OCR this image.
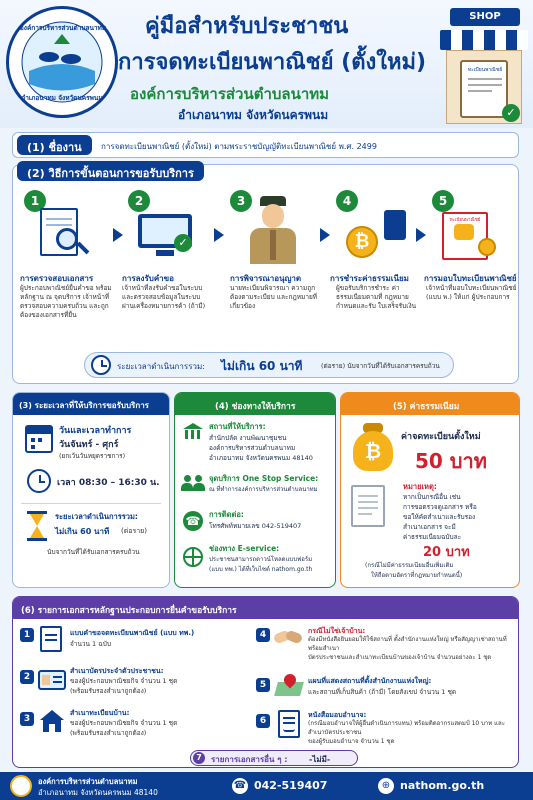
องค์การบริหารส่วนตำบลนาทม
อำเภอนาทม จังหวัดนครพนม
คู่มือสำหรับประชาชน
การจดทะเบียนพาณิชย์ (ตั้งใหม่)
องค์การบริหารส่วนตำบลนาทม
อำเภอนาทม จังหวัดนครพนม
SHOP
ทะเบียนพาณิชย์
✓
(1) ชื่องาน	การจดทะเบียนพาณิชย์ (ตั้งใหม่) ตามพระราชบัญญัติทะเบียนพาณิชย์ พ.ศ. 2499
(2) วิธีการขั้นตอนการขอรับบริการ
1
การตรวจสอบเอกสาร
ผู้ประกอบพาณิชย์ยื่นคำขอ พร้อมหลักฐาน ณ จุดบริการ เจ้าหน้าที่ตรวจสอบความครบถ้วน และถูกต้องของเอกสารที่ยื่น
2
✓
การลงรับคำขอ
เจ้าหน้าที่ลงรับคำขอในระบบ และตรวจสอบข้อมูลในระบบ ผ่านเครื่องหมายการค้า (ถ้ามี)
3
การพิจารณาอนุญาต
นายทะเบียนพิจารณา ความถูกต้องตามระเบียบ และกฎหมายที่เกี่ยวข้อง
4
₿
การชำระค่าธรรมเนียม
ผู้ขอรับบริการชำระ ค่าธรรมเนียมตามที่ กฎหมายกำหนดและรับ ใบเสร็จรับเงิน
5
ทะเบียนพาณิชย์
การมอบใบทะเบียนพาณิชย์
เจ้าหน้าที่มอบใบทะเบียนพาณิชย์ (แบบ พ.) ให้แก่ ผู้ประกอบการ
ระยะเวลาดำเนินการรวม: ไม่เกิน 60 นาที	(ต่อราย) นับจากวันที่ได้รับเอกสารครบถ้วน
(3) ระยะเวลาที่ให้บริการขอรับบริการ
วันและเวลาทำการ
วันจันทร์ - ศุกร์
(ยกเว้นวันหยุดราชการ)
เวลา 08:30 – 16:30 น.
ระยะเวลาดำเนินการรวม:
ไม่เกิน 60 นาที (ต่อราย)
นับจากวันที่ได้รับเอกสารครบถ้วน
(4) ช่องทางให้บริการ
สถานที่ให้บริการ:
สำนักปลัด งานพัฒนาชุมชน
องค์การบริหารส่วนตำบลนาทม
อำเภอนาทม จังหวัดนครพนม 48140
จุดบริการ One Stop Service:
ณ ที่ทำการองค์การบริหารส่วนตำบลนาทม
☎	การติดต่อ:
โทรศัพท์หมายเลข 042-519407
ช่องทาง E-service:
ประชาชนสามารถดาวน์โหลดแบบฟอร์ม
(แบบ ทพ.) ได้ที่เว็บไซต์ nathom.go.th
(5) ค่าธรรมเนียม
₿
ค่าจดทะเบียนตั้งใหม่
50 บาท
หมายเหตุ:
หากเป็นกรณีอื่น เช่น
การขอตรวจดูเอกสาร หรือ
ขอให้คัดสำเนาและรับรอง
สำเนาเอกสาร จะมี
ค่าธรรมเนียมฉบับละ
20 บาท
(กรณีไม่มีค่าธรรมเนียมอื่นเพิ่มเติม
ให้ถือตามอัตราที่กฎหมายกำหนดนี้)
(6) รายการเอกสารหลักฐานประกอบการยื่นคำขอรับบริการ
1	แบบคำขอจดทะเบียนพาณิชย์ (แบบ ทพ.)
จำนวน 1 ฉบับ
2
สำเนาบัตรประจำตัวประชาชน:
ของผู้ประกอบพาณิชยกิจ จำนวน 1 ชุด
(พร้อมรับรองสำเนาถูกต้อง)
3
สำเนาทะเบียนบ้าน:
ของผู้ประกอบพาณิชยกิจ จำนวน 1 ชุด
(พร้อมรับรองสำเนาถูกต้อง)
4	กรณีไม่ใช่เจ้าบ้าน:
ต้องมีหนังสือยินยอมให้ใช้สถานที่ ตั้งสำนักงานแห่งใหญ่ หรือสัญญาเช่าสถานที่ พร้อมสำเนา
บัตรประชาชนและสำเนาทะเบียนบ้านของเจ้าบ้าน จำนวนอย่างละ 1 ชุด
5	แผนที่แสดงสถานที่ตั้งสำนักงานแห่งใหญ่:
และสถานที่เก็บสินค้า (ถ้ามี) โดยสังเขป จำนวน 1 ชุด
6
หนังสือมอบอำนาจ:
(กรณีมอบอำนาจให้ผู้อื่นดำเนินการแทน) พร้อมติดอากรแสตมป์ 10 บาท และสำเนาบัตรประชาชน
ของผู้รับมอบอำนาจ จำนวน 1 ชุด
7	รายการเอกสารอื่น ๆ :	-ไม่มี-
องค์การบริหารส่วนตำบลนาทม
อำเภอนาทม จังหวัดนครพนม 48140
☎ 042-519407	⊕ nathom.go.th
